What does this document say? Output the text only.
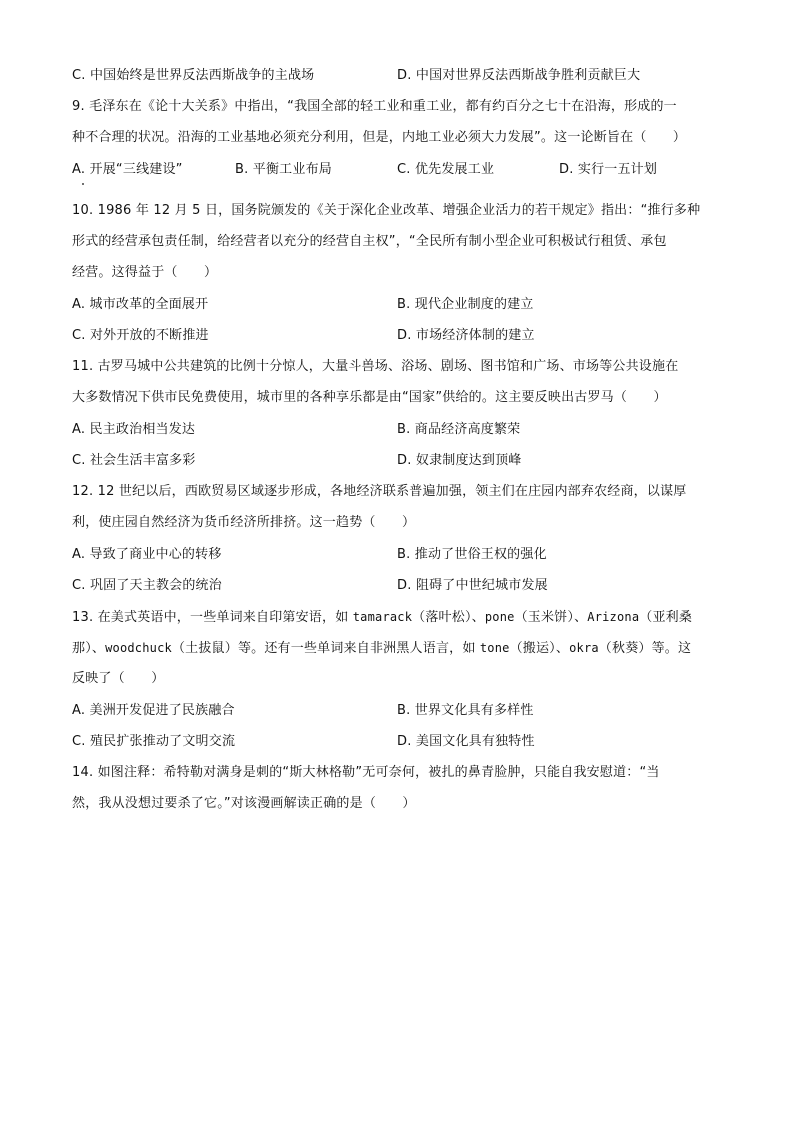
C. 中国始终是世界反法西斯战争的主战场	D. 中国对世界反法西斯战争胜利贡献巨大
9. 毛泽东在《论十大关系》中指出，“我国全部的轻工业和重工业，都有约百分之七十在沿海，形成的一
种不合理的状况。沿海的工业基地必须充分利用，但是，内地工业必须大力发展”。这一论断旨在（　　）
A. 开展“三线建设”	B. 平衡工业布局	C. 优先发展工业	D. 实行一五计划
10. 1986 年 12 月 5 日，国务院颁发的《关于深化企业改革、增强企业活力的若干规定》指出：“推行多种
形式的经营承包责任制，给经营者以充分的经营自主权”，“全民所有制小型企业可积极试行租赁、承包
经营。这得益于（　　）
A. 城市改革的全面展开	B. 现代企业制度的建立
C. 对外开放的不断推进	D. 市场经济体制的建立
11. 古罗马城中公共建筑的比例十分惊人，大量斗兽场、浴场、剧场、图书馆和广场、市场等公共设施在
大多数情况下供市民免费使用，城市里的各种享乐都是由“国家”供给的。这主要反映出古罗马（　　）
A. 民主政治相当发达	B. 商品经济高度繁荣
C. 社会生活丰富多彩	D. 奴隶制度达到顶峰
12. 12 世纪以后，西欧贸易区域逐步形成，各地经济联系普遍加强，领主们在庄园内部弃农经商，以谋厚
利，使庄园自然经济为货币经济所排挤。这一趋势（　　）
A. 导致了商业中心的转移	B. 推动了世俗王权的强化
C. 巩固了天主教会的统治	D. 阻碍了中世纪城市发展
13. 在美式英语中，一些单词来自印第安语，如 tamarack（落叶松）、pone（玉米饼）、Arizona（亚利桑
那）、woodchuck（土拔鼠）等。还有一些单词来自非洲黑人语言，如 tone（搬运）、okra（秋葵）等。这
反映了（　　）
A. 美洲开发促进了民族融合	B. 世界文化具有多样性
C. 殖民扩张推动了文明交流	D. 美国文化具有独特性
14. 如图注释：希特勒对满身是刺的“斯大林格勒”无可奈何，被扎的鼻青脸肿，只能自我安慰道：“当
然，我从没想过要杀了它。”对该漫画解读正确的是（　　）
